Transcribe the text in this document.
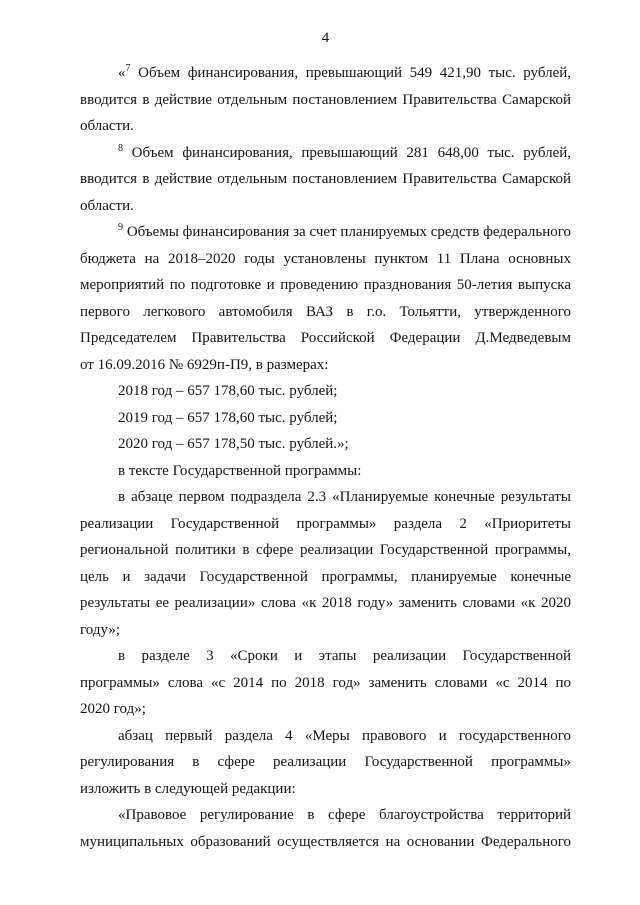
4
«$^7$ Объем финансирования, превышающий 549 421,90 тыс. рублей,
вводится в действие отдельным постановлением Правительства Самарской
области.
$^8$ Объем финансирования, превышающий 281 648,00 тыс. рублей,
вводится в действие отдельным постановлением Правительства Самарской
области.
$^9$ Объемы финансирования за счет планируемых средств федерального
бюджета на 2018–2020 годы установлены пунктом 11 Плана основных
мероприятий по подготовке и проведению празднования 50-летия выпуска
первого легкового автомобиля ВАЗ в г.о. Тольятти, утвержденного
Председателем Правительства Российской Федерации Д.Медведевым
от 16.09.2016 № 6929п-П9, в размерах:
2018 год – 657 178,60 тыс. рублей;
2019 год – 657 178,60 тыс. рублей;
2020 год – 657 178,50 тыс. рублей.»;
в тексте Государственной программы:
в абзаце первом подраздела 2.3 «Планируемые конечные результаты
реализации Государственной программы» раздела 2 «Приоритеты
региональной политики в сфере реализации Государственной программы,
цель и задачи Государственной программы, планируемые конечные
результаты ее реализации» слова «к 2018 году» заменить словами «к 2020
году»;
в разделе 3 «Сроки и этапы реализации Государственной
программы» слова «с 2014 по 2018 год» заменить словами «с 2014 по
2020 год»;
абзац первый раздела 4 «Меры правового и государственного
регулирования в сфере реализации Государственной программы»
изложить в следующей редакции:
«Правовое регулирование в сфере благоустройства территорий
муниципальных образований осуществляется на основании Федерального
